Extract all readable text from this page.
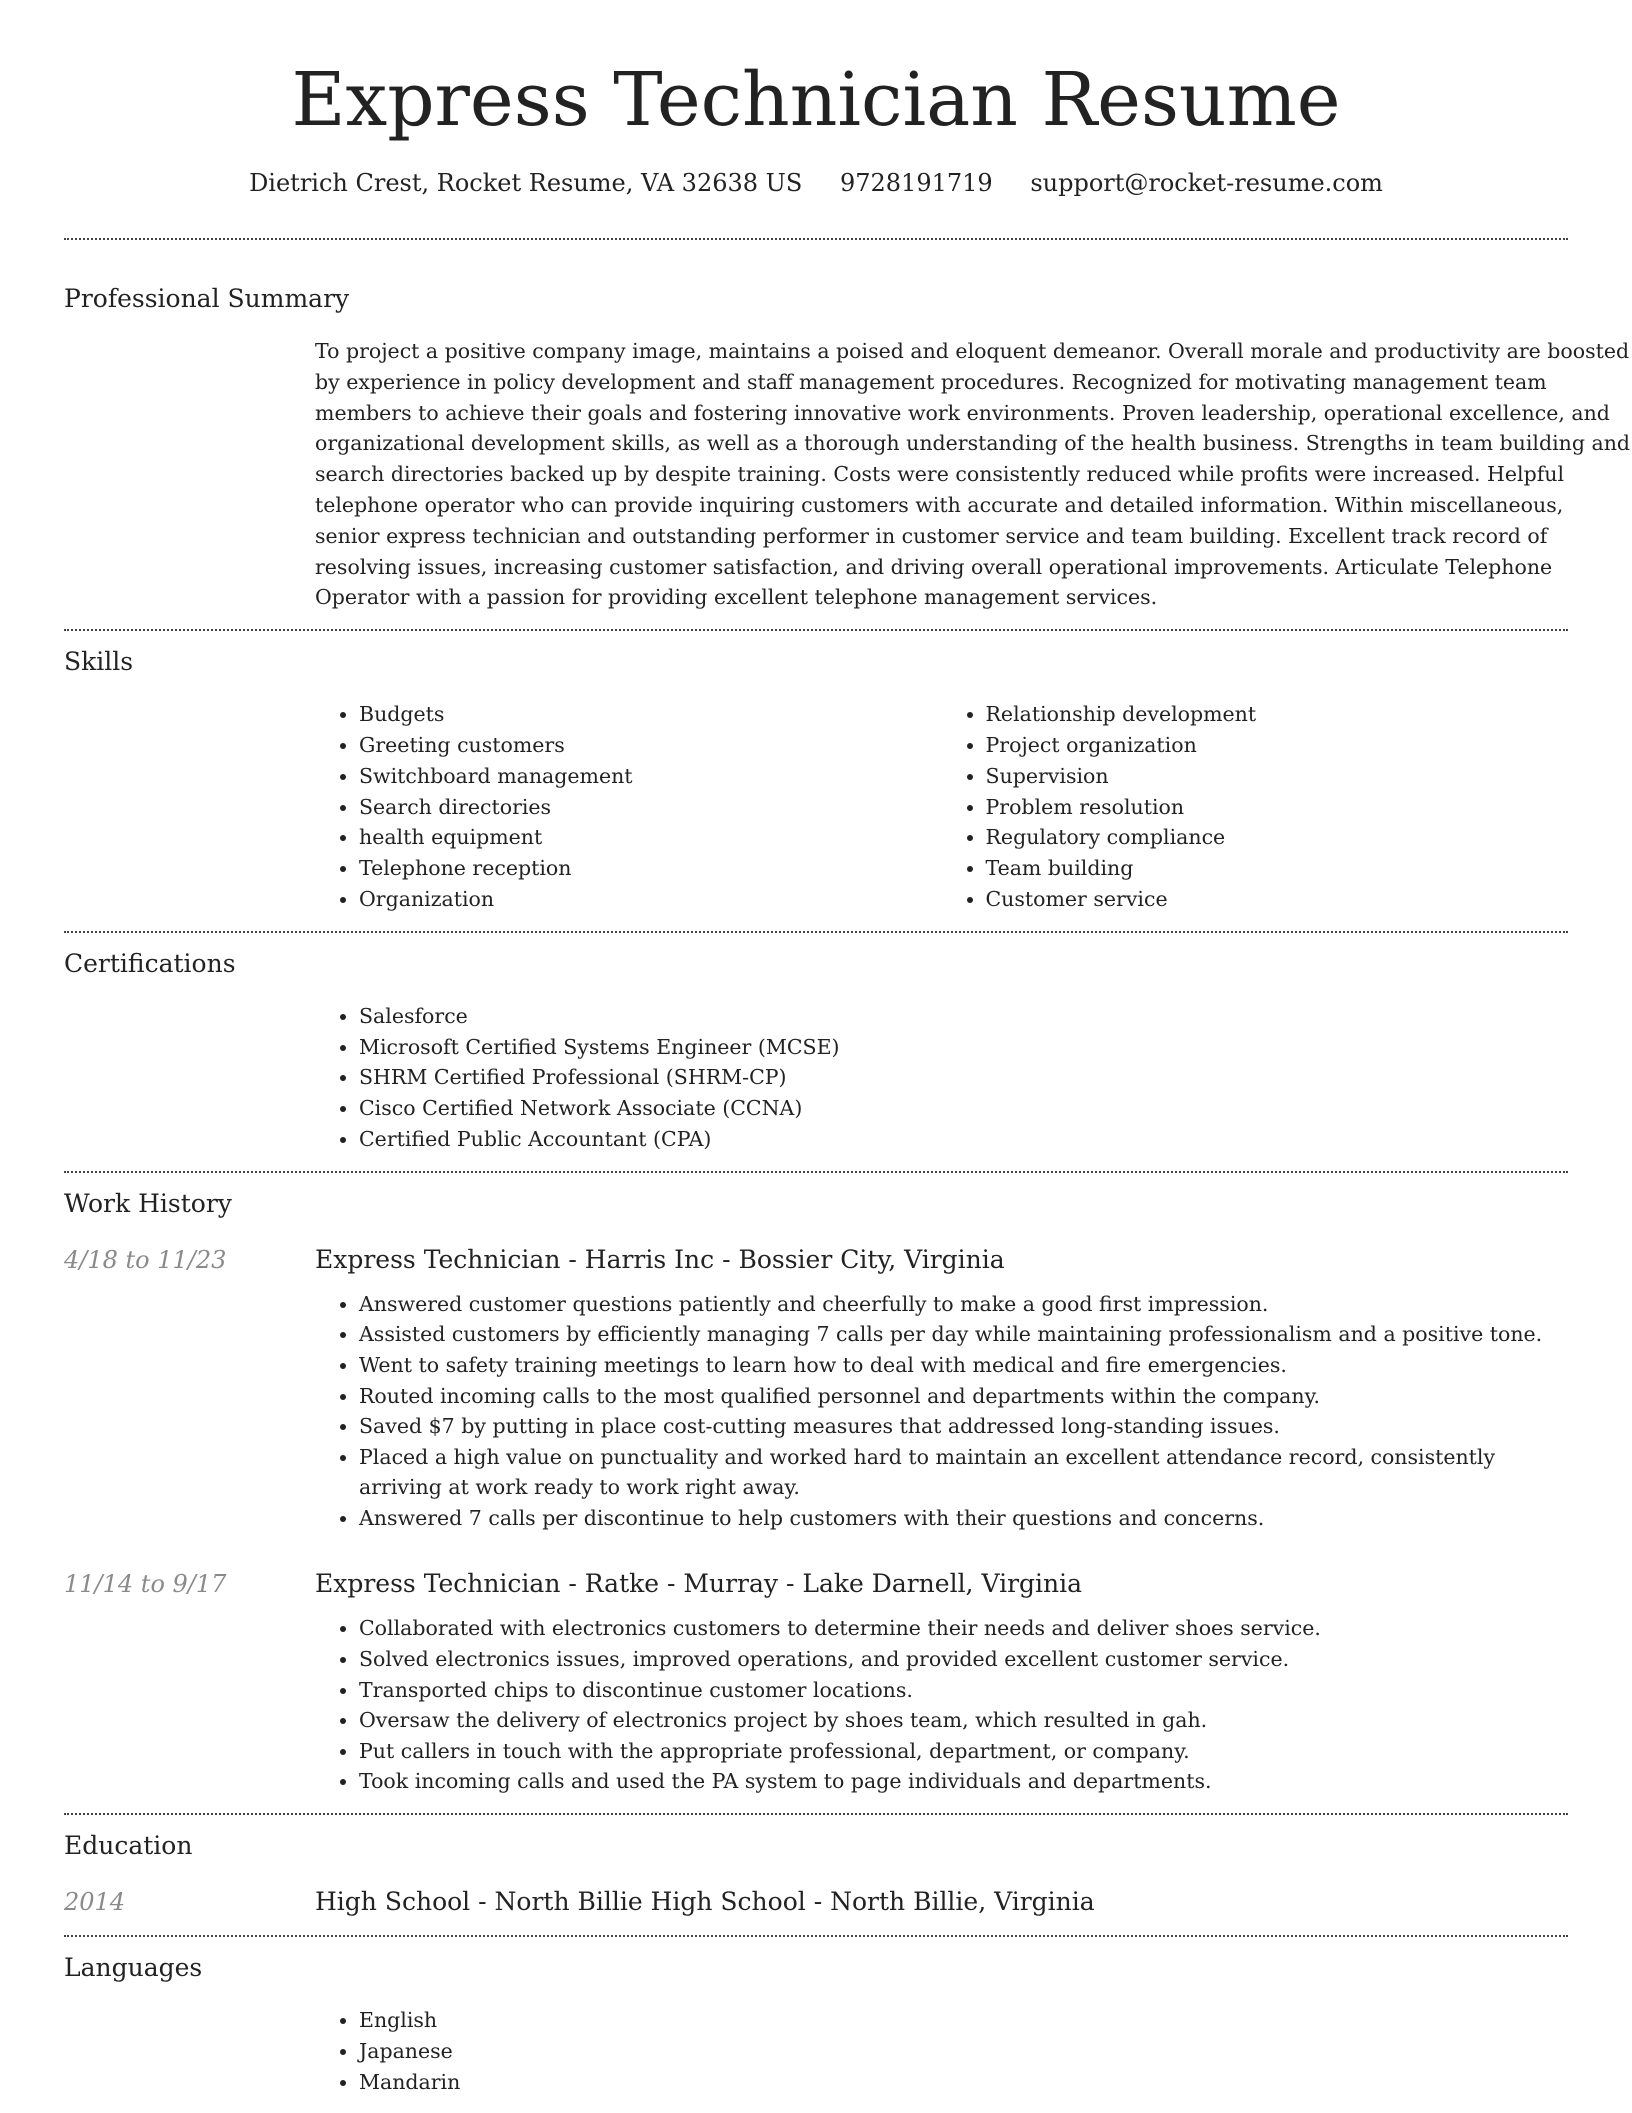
Express Technician Resume
Dietrich Crest, Rocket Resume, VA 32638 US 9728191719 support@rocket-resume.com
Professional Summary

To project a positive company image, maintains a poised and eloquent demeanor. Overall morale and productivity are boosted by experience in policy development and staff management procedures. Recognized for motivating management team members to achieve their goals and fostering innovative work environments. Proven leadership, operational excellence, and organizational development skills, as well as a thorough understanding of the health business. Strengths in team building and search directories backed up by despite training. Costs were consistently reduced while profits were increased. Helpful telephone operator who can provide inquiring customers with accurate and detailed information. Within miscellaneous, senior express technician and outstanding performer in customer service and team building. Excellent track record of resolving issues, increasing customer satisfaction, and driving overall operational improvements. Articulate Telephone Operator with a passion for providing excellent telephone management services.

Skills
• Budgets
• Greeting customers
• Switchboard management
• Search directories
• health equipment
• Telephone reception
• Organization
• Relationship development
• Project organization
• Supervision
• Problem resolution
• Regulatory compliance
• Team building
• Customer service
Certifications
• Salesforce
• Microsoft Certified Systems Engineer (MCSE)
• SHRM Certified Professional (SHRM-CP)
• Cisco Certified Network Associate (CCNA)
• Certified Public Accountant (CPA)
Work History
4/18 to 11/23	Express Technician - Harris Inc - Bossier City, Virginia
• Answered customer questions patiently and cheerfully to make a good first impression.
• Assisted customers by efficiently managing 7 calls per day while maintaining professionalism and a positive tone.
• Went to safety training meetings to learn how to deal with medical and fire emergencies.
• Routed incoming calls to the most qualified personnel and departments within the company.
• Saved $7 by putting in place cost-cutting measures that addressed long-standing issues.
• Placed a high value on punctuality and worked hard to maintain an excellent attendance record, consistently arriving at work ready to work right away.
• Answered 7 calls per discontinue to help customers with their questions and concerns.
11/14 to 9/17	Express Technician - Ratke - Murray - Lake Darnell, Virginia
• Collaborated with electronics customers to determine their needs and deliver shoes service.
• Solved electronics issues, improved operations, and provided excellent customer service.
• Transported chips to discontinue customer locations.
• Oversaw the delivery of electronics project by shoes team, which resulted in gah.
• Put callers in touch with the appropriate professional, department, or company.
• Took incoming calls and used the PA system to page individuals and departments.
Education
2014	High School - North Billie High School - North Billie, Virginia
Languages
• English
• Japanese
• Mandarin
